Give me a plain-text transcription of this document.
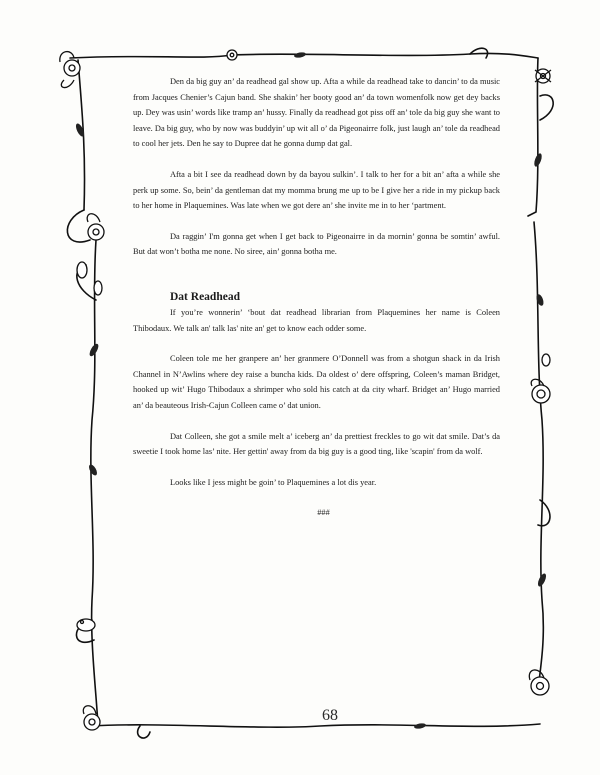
Den da big guy an’ da readhead gal show up. Afta a while da readhead take to dancin’ to da music from Jacques Chenier’s Cajun band. She shakin’ her booty good an’ da town womenfolk now get dey backs up. Dey was usin’ words like tramp an’ hussy. Finally da readhead got piss off an’ tole da big guy she want to leave. Da big guy, who by now was buddyin’ up wit all o’ da Pigeonairre folk, just laugh an’ tole da readhead to cool her jets. Den he say to Dupree dat he gonna dump dat gal.

Afta a bit I see da readhead down by da bayou sulkin’. I talk to her for a bit an’ afta a while she perk up some. So, bein’ da gentleman dat my momma brung me up to be I give her a ride in my pickup back to her home in Plaquemines. Was late when we got dere an’ she invite me in to her ‘partment.

Da raggin’ I'm gonna get when I get back to Pigeonairre in da mornin’ gonna be somtin’ awful. But dat won’t botha me none. No siree, ain’ gonna botha me.

Dat Readhead

If you’re wonnerin’ ‘bout dat readhead librarian from Plaquemines her name is Coleen Thibodaux. We talk an' talk las' nite an' get to know each odder some.

Coleen tole me her granpere an’ her granmere O’Donnell was from a shotgun shack in da Irish Channel in N’Awlins where dey raise a buncha kids. Da oldest o’ dere offspring, Coleen’s maman Bridget, hooked up wit’ Hugo Thibodaux a shrimper who sold his catch at da city wharf. Bridget an’ Hugo married an’ da beauteous Irish-Cajun Colleen came o’ dat union.

Dat Colleen, she got a smile melt a’ iceberg an’ da prettiest freckles to go wit dat smile. Dat’s da sweetie I took home las’ nite. Her gettin' away from da big guy is a good ting, like 'scapin' from da wolf.

Looks like I jess might be goin’ to Plaquemines a lot dis year.

###

68
